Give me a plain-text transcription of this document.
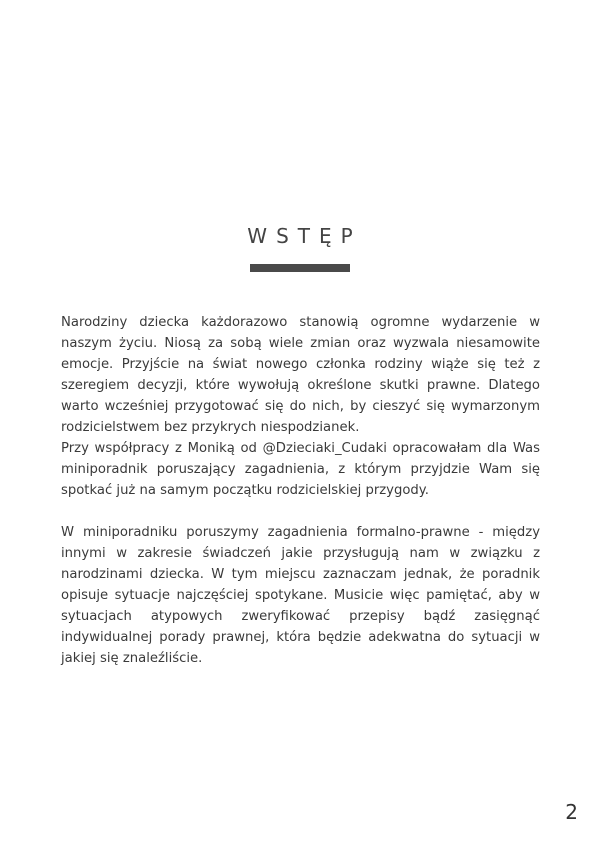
WSTĘP

Narodziny dziecka każdorazowo stanowią ogromne wydarzenie w naszym życiu. Niosą za sobą wiele zmian oraz wyzwala niesamowite emocje. Przyjście na świat nowego członka rodziny wiąże się też z szeregiem decyzji, które wywołują określone skutki prawne. Dlatego warto wcześniej przygotować się do nich, by cieszyć się wymarzonym rodzicielstwem bez przykrych niespodzianek.

Przy współpracy z Moniką od @Dzieciaki_Cudaki opracowałam dla Was miniporadnik poruszający zagadnienia, z którym przyjdzie Wam się spotkać już na samym początku rodzicielskiej przygody.

W miniporadniku poruszymy zagadnienia formalno-prawne - między innymi w zakresie świadczeń jakie przysługują nam w związku z narodzinami dziecka. W tym miejscu zaznaczam jednak, że poradnik opisuje sytuacje najczęściej spotykane. Musicie więc pamiętać, aby w sytuacjach atypowych zweryfikować przepisy bądź zasięgnąć indywidualnej porady prawnej, która będzie adekwatna do sytuacji w jakiej się znaleźliście.

2
